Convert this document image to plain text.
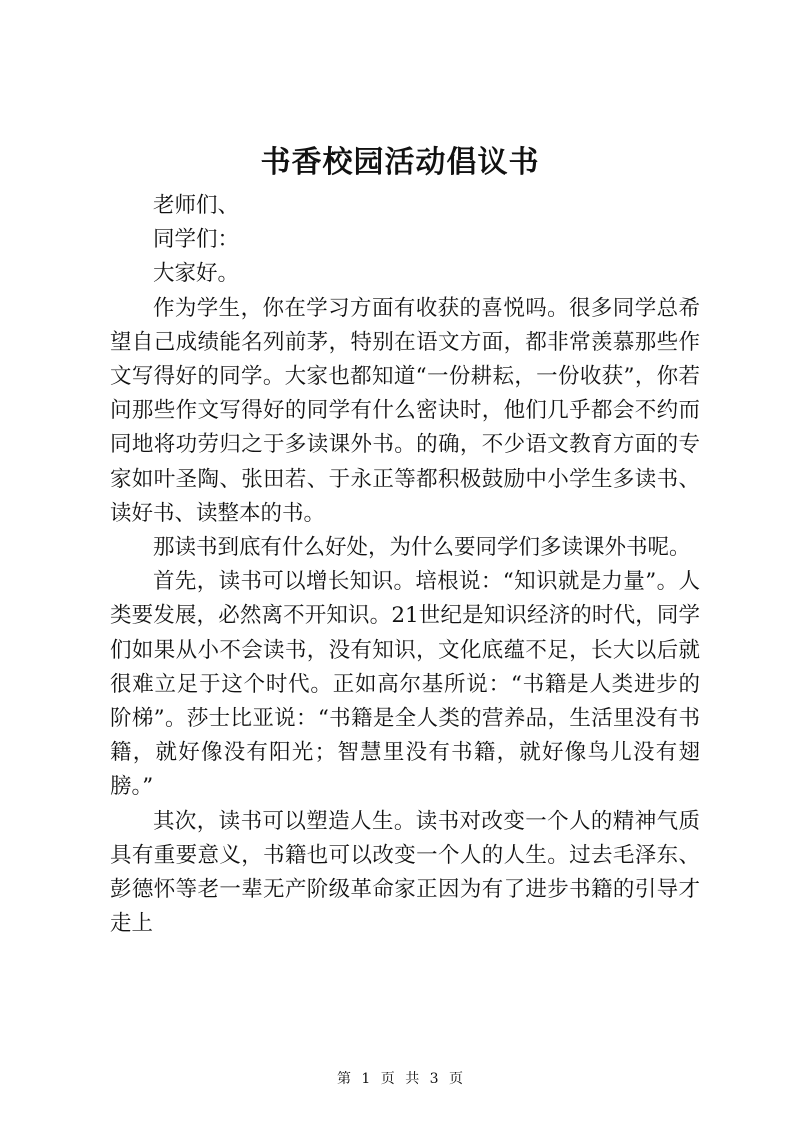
书香校园活动倡议书

老师们、

同学们：

大家好。

作为学生，你在学习方面有收获的喜悦吗。很多同学总希望自己成绩能名列前茅，特别在语文方面，都非常羡慕那些作文写得好的同学。大家也都知道“一份耕耘，一份收获”，你若问那些作文写得好的同学有什么密诀时，他们几乎都会不约而同地将功劳归之于多读课外书。的确，不少语文教育方面的专家如叶圣陶、张田若、于永正等都积极鼓励中小学生多读书、读好书、读整本的书。

那读书到底有什么好处，为什么要同学们多读课外书呢。

首先，读书可以增长知识。培根说：“知识就是力量”。人类要发展，必然离不开知识。21世纪是知识经济的时代，同学们如果从小不会读书，没有知识，文化底蕴不足，长大以后就很难立足于这个时代。正如高尔基所说：“书籍是人类进步的阶梯”。莎士比亚说：“书籍是全人类的营养品，生活里没有书籍，就好像没有阳光；智慧里没有书籍，就好像鸟儿没有翅膀。”

其次，读书可以塑造人生。读书对改变一个人的精神气质具有重要意义，书籍也可以改变一个人的人生。过去毛泽东、彭德怀等老一辈无产阶级革命家正因为有了进步书籍的引导才走上

第 1 页 共 3 页
